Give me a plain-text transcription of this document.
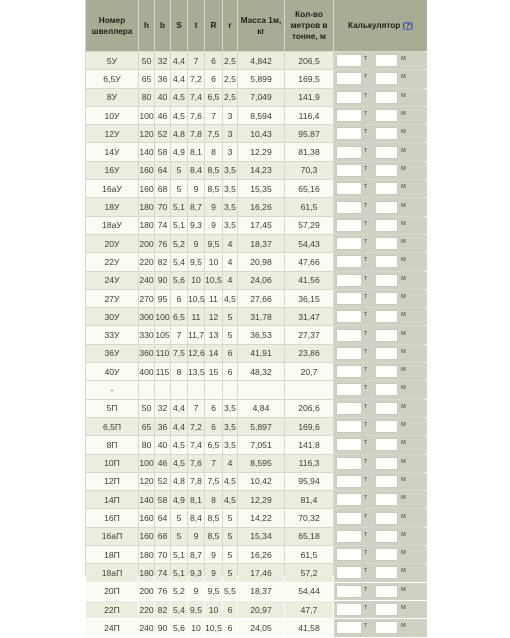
Номер швеллера	h	b	S	t	R	r	Масса 1м, кг	Кол-во метров в тонне, м	Калькулятор (?)
5У	50	32	4,4	7	6	2,5	4,842	206,5	т м

6,5У	65	36	4,4	7,2	6	2,5	5,899	169,5	т м

8У	80	40	4,5	7,4	6,5	2,5	7,049	141,9	т м

10У	100	46	4,5	7,6	7	3	8,594	116,4	т м

12У	120	52	4,8	7,8	7,5	3	10,43	95,87	т м

14У	140	58	4,9	8,1	8	3	12,29	81,38	т м

16У	160	64	5	8,4	8,5	3,5	14,23	70,3	т м

16аУ	160	68	5	9	8,5	3,5	15,35	65,16	т м

18У	180	70	5,1	8,7	9	3,5	16,26	61,5	т м

18аУ	180	74	5,1	9,3	9	3,5	17,45	57,29	т м

20У	200	76	5,2	9	9,5	4	18,37	54,43	т м

22У	220	82	5,4	9,5	10	4	20,98	47,66	т м

24У	240	90	5,6	10	10,5	4	24,06	41,56	т м

27У	270	95	6	10,5	11	4,5	27,66	36,15	т м

30У	300	100	6,5	11	12	5	31,78	31,47	т м

33У	330	105	7	11,7	13	5	36,53	27,37	т м

36У	360	110	7,5	12,6	14	6	41,91	23,86	т м

40У	400	115	8	13,5	15	6	48,32	20,7	т м

-									т м

5П	50	32	4,4	7	6	3,5	4,84	206,6	т м

6,5П	65	36	4,4	7,2	6	3,5	5,897	169,6	т м

8П	80	40	4,5	7,4	6,5	3,5	7,051	141,8	т м

10П	100	46	4,5	7,6	7	4	8,595	116,3	т м

12П	120	52	4,8	7,8	7,5	4,5	10,42	95,94	т м

14П	140	58	4,9	8,1	8	4,5	12,29	81,4	т м

16П	160	64	5	8,4	8,5	5	14,22	70,32	т м

16аП	160	68	5	9	8,5	5	15,34	65,18	т м

18П	180	70	5,1	8,7	9	5	16,26	61,5	т м

18аП	180	74	5,1	9,3	9	5	17,46	57,2	т м

20П	200	76	5,2	9	9,5	5,5	18,37	54,44	т м

22П	220	82	5,4	9,5	10	6	20,97	47,7	т м

24П	240	90	5,6	10	10,5	6	24,05	41,58	т м
